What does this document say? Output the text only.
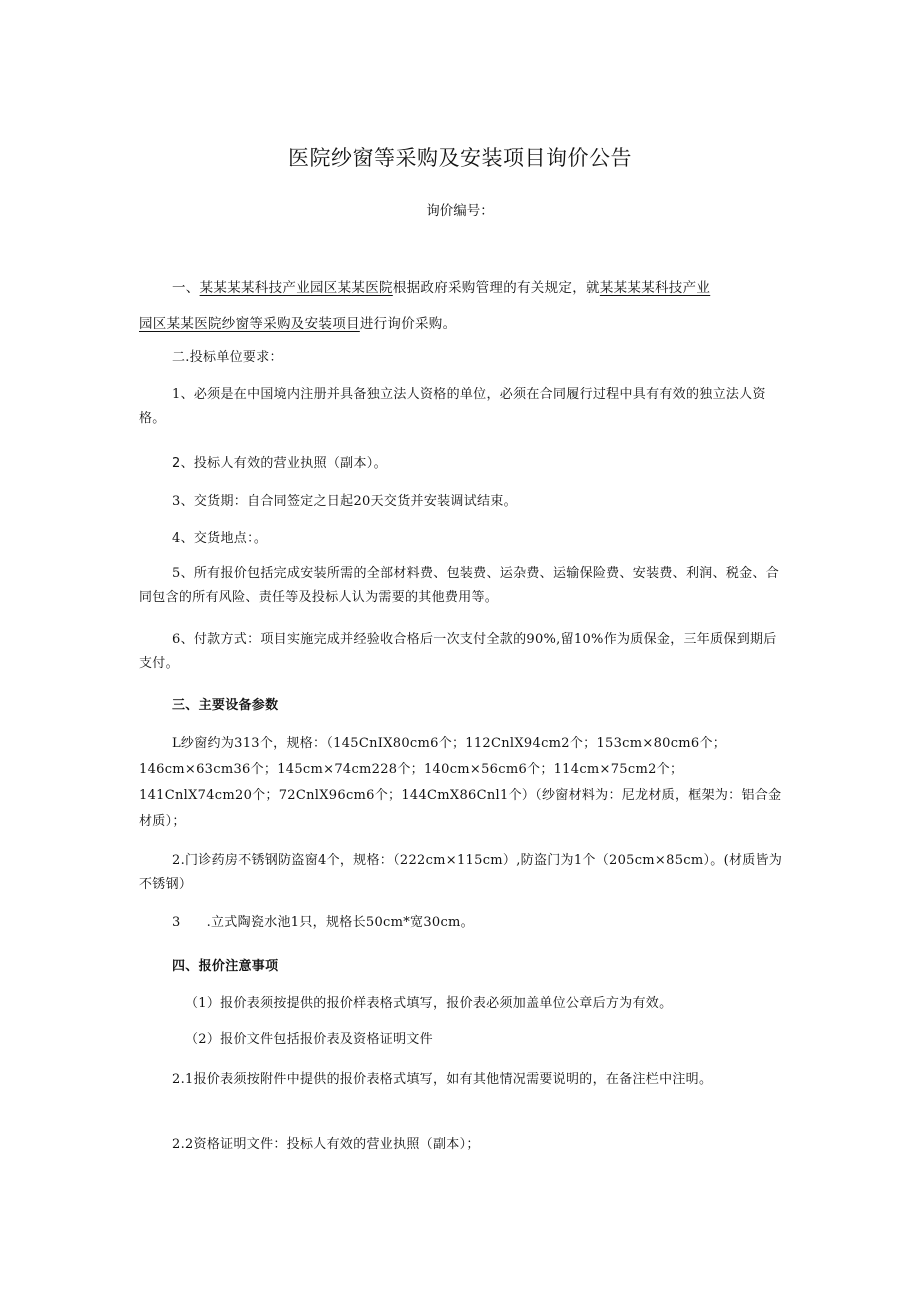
医院纱窗等采购及安装项目询价公告
询价编号：

一、某某某某科技产业园区某某医院根据政府采购管理的有关规定，就某某某某科技产业
园区某某医院纱窗等采购及安装项目进行询价采购。

二.投标单位要求：

1、必须是在中国境内注册并具备独立法人资格的单位，必须在合同履行过程中具有有效的独立法人资格。

2、投标人有效的营业执照（副本）。

3、交货期：自合同签定之日起20天交货并安装调试结束。

4、交货地点：。

5、所有报价包括完成安装所需的全部材料费、包装费、运杂费、运输保险费、安装费、利润、税金、合同包含的所有风险、责任等及投标人认为需要的其他费用等。

6、付款方式：项目实施完成并经验收合格后一次支付全款的90%,留10%作为质保金，三年质保到期后支付。

三、主要设备参数

L纱窗约为313个，规格：（145CnIX80cm6个；112CnlX94cm2个；153cm×80cm6个；146cm×63cm36个；145cm×74cm228个；140cm×56cm6个；114cm×75cm2个；141CnlX74cm20个；72CnlX96cm6个；144CmX86Cnl1个）（纱窗材料为：尼龙材质，框架为：铝合金材质）；

2.门诊药房不锈钢防盗窗4个，规格：（222cm×115cm）,防盗门为1个（205cm×85cm）。(材质皆为不锈钢）

3 .立式陶瓷水池1只，规格长50cm*宽30cm。

四、报价注意事项

（1）报价表须按提供的报价样表格式填写，报价表必须加盖单位公章后方为有效。

（2）报价文件包括报价表及资格证明文件

2.1报价表须按附件中提供的报价表格式填写，如有其他情况需要说明的，在备注栏中注明。

2.2资格证明文件：投标人有效的营业执照（副本）；
